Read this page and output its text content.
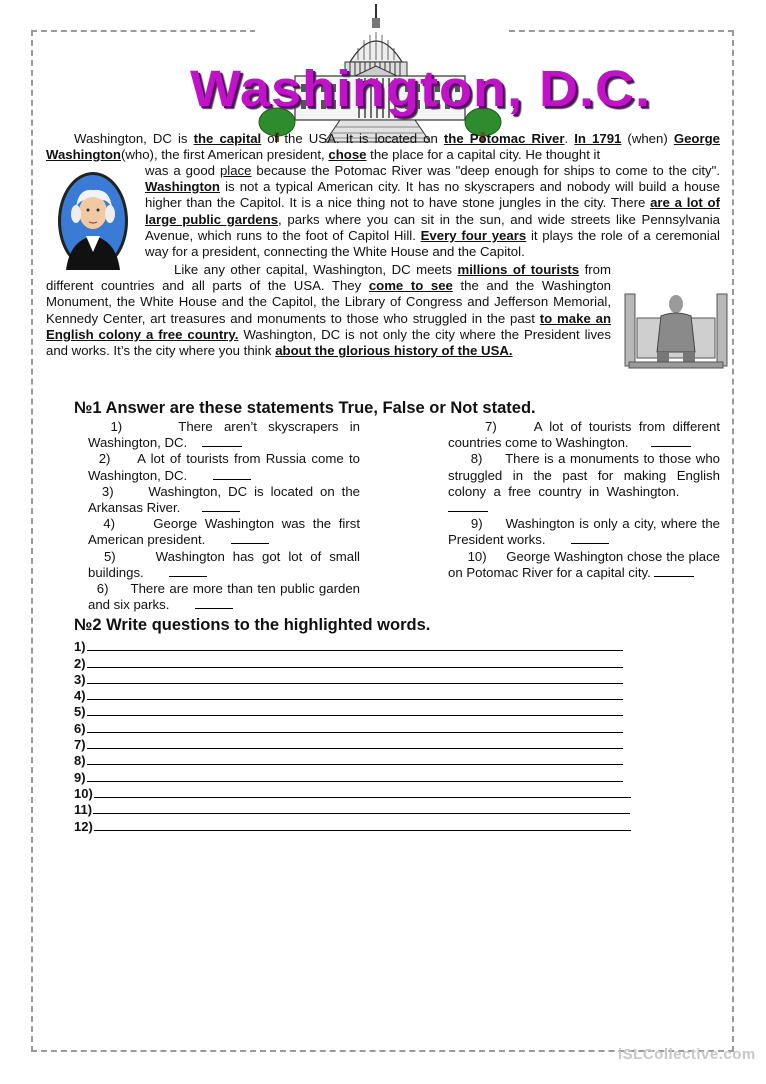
Washington, D.C.

Washington, DC is the capital of the USA. It is located on the Potomac River. In 1791 (when) George Washington(who), the first American president, chose the place for a capital city. He thought it

was a good place because the Potomac River was "deep enough for ships to come to the city". Washington is not a typical American city. It has no skyscrapers and nobody will build a house higher than the Capitol. It is a nice thing not to have stone jungles in the city. There are a lot of large public gardens, parks where you can sit in the sun, and wide streets like Pennsylvania Avenue, which runs to the foot of Capitol Hill. Every four years it plays the role of a ceremonial way for a president, connecting the White House and the Capitol.

Like any other capital, Washington, DC meets millions of tourists from different countries and all parts of the USA. They come to see the and the Washington Monument, the White House and the Capitol, the Library of Congress and Jefferson Memorial, Kennedy Center, art treasures and monuments to those who struggled in the past to make an English colony a free country. Washington, DC is not only the city where the President lives and works. It’s the city where you think about the glorious history of the USA.

№1 Answer are these statements True, False or Not stated.
1)	There aren’t skyscrapers in Washington, DC.
2) A lot of tourists from Russia come to Washington, DC.
3)	Washington, DC is located on the Arkansas River.
4)	George Washington was the first American president.
5)	Washington has got lot of small buildings.
6) There are more than ten public garden and six parks.
7)	A lot of tourists from different countries come to Washington.
8) There is a monuments to those who struggled in the past for making English colony a free country in Washington.
9) Washington is only a city, where the President works.
10) George Washington chose the place on Potomac River for a capital city.
№2 Write questions to the highlighted words.
1)
2)
3)
4)
5)
6)
7)
8)
9)
10)
11)
12)
iSLCollective.com
